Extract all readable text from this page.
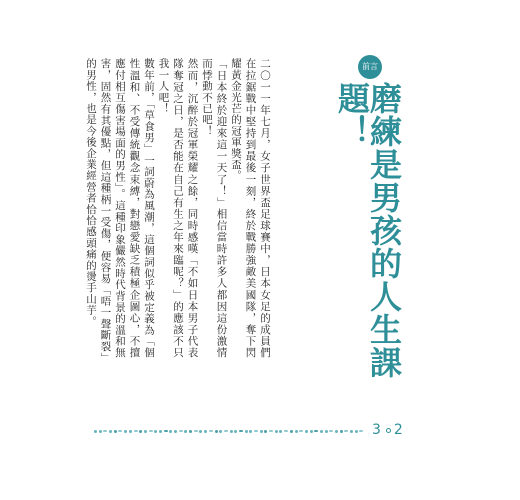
前言
磨練是男孩的人生課題！

二〇一一年七月，女子世界盃足球賽中，日本女足的成員們在拉鋸戰中堅持到最後一刻，終於戰勝強敵美國隊，奪下閃耀黃金光芒的冠軍獎盃。

「日本終於迎來這一天了！」相信當時許多人都因這份激情而悸動不已吧！

然而，沉醉於冠軍榮耀之餘，同時感嘆「不如日本男子代表隊奪冠之日，是否能在自己有生之年來臨呢？」的應該不只我一人吧！

數年前，「草食男」一詞蔚為風潮，這個詞似乎被定義為「個性溫和、不受傳統觀念束縛，對戀愛缺乏積極企圖心，不擅應付相互傷害場面的男性」。這種印象儼然時代背景的溫和無害，固然有其優點，但這種柄一受傷，便容易「唔一聲斷裂」的男性，也是今後企業經營者恰恰感頭痛的燙手山芋。

3 2
